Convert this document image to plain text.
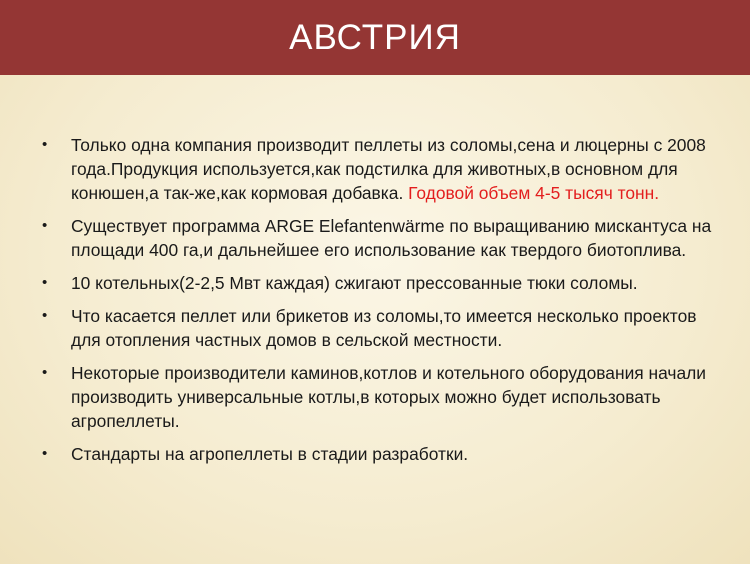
АВСТРИЯ
• Только одна компания производит пеллеты из соломы,сена и люцерны с 2008 года.Продукция используется,как подстилка для животных,в основном для конюшен,а так-же,как кормовая добавка. Годовой объем 4-5 тысяч тонн.
• Существует программа ARGE Elefantenwärme по выращиванию мискантуса на площади 400 га,и дальнейшее его использование как твердого биотоплива.
• 10 котельных(2-2,5 Мвт каждая) сжигают прессованные тюки соломы.
• Что касается пеллет или брикетов из соломы,то имеется несколько проектов для отопления частных домов в сельской местности.
• Некоторые производители каминов,котлов и котельного оборудования начали производить универсальные котлы,в которых можно будет использовать агропеллеты.
• Стандарты на агропеллеты в стадии разработки.
